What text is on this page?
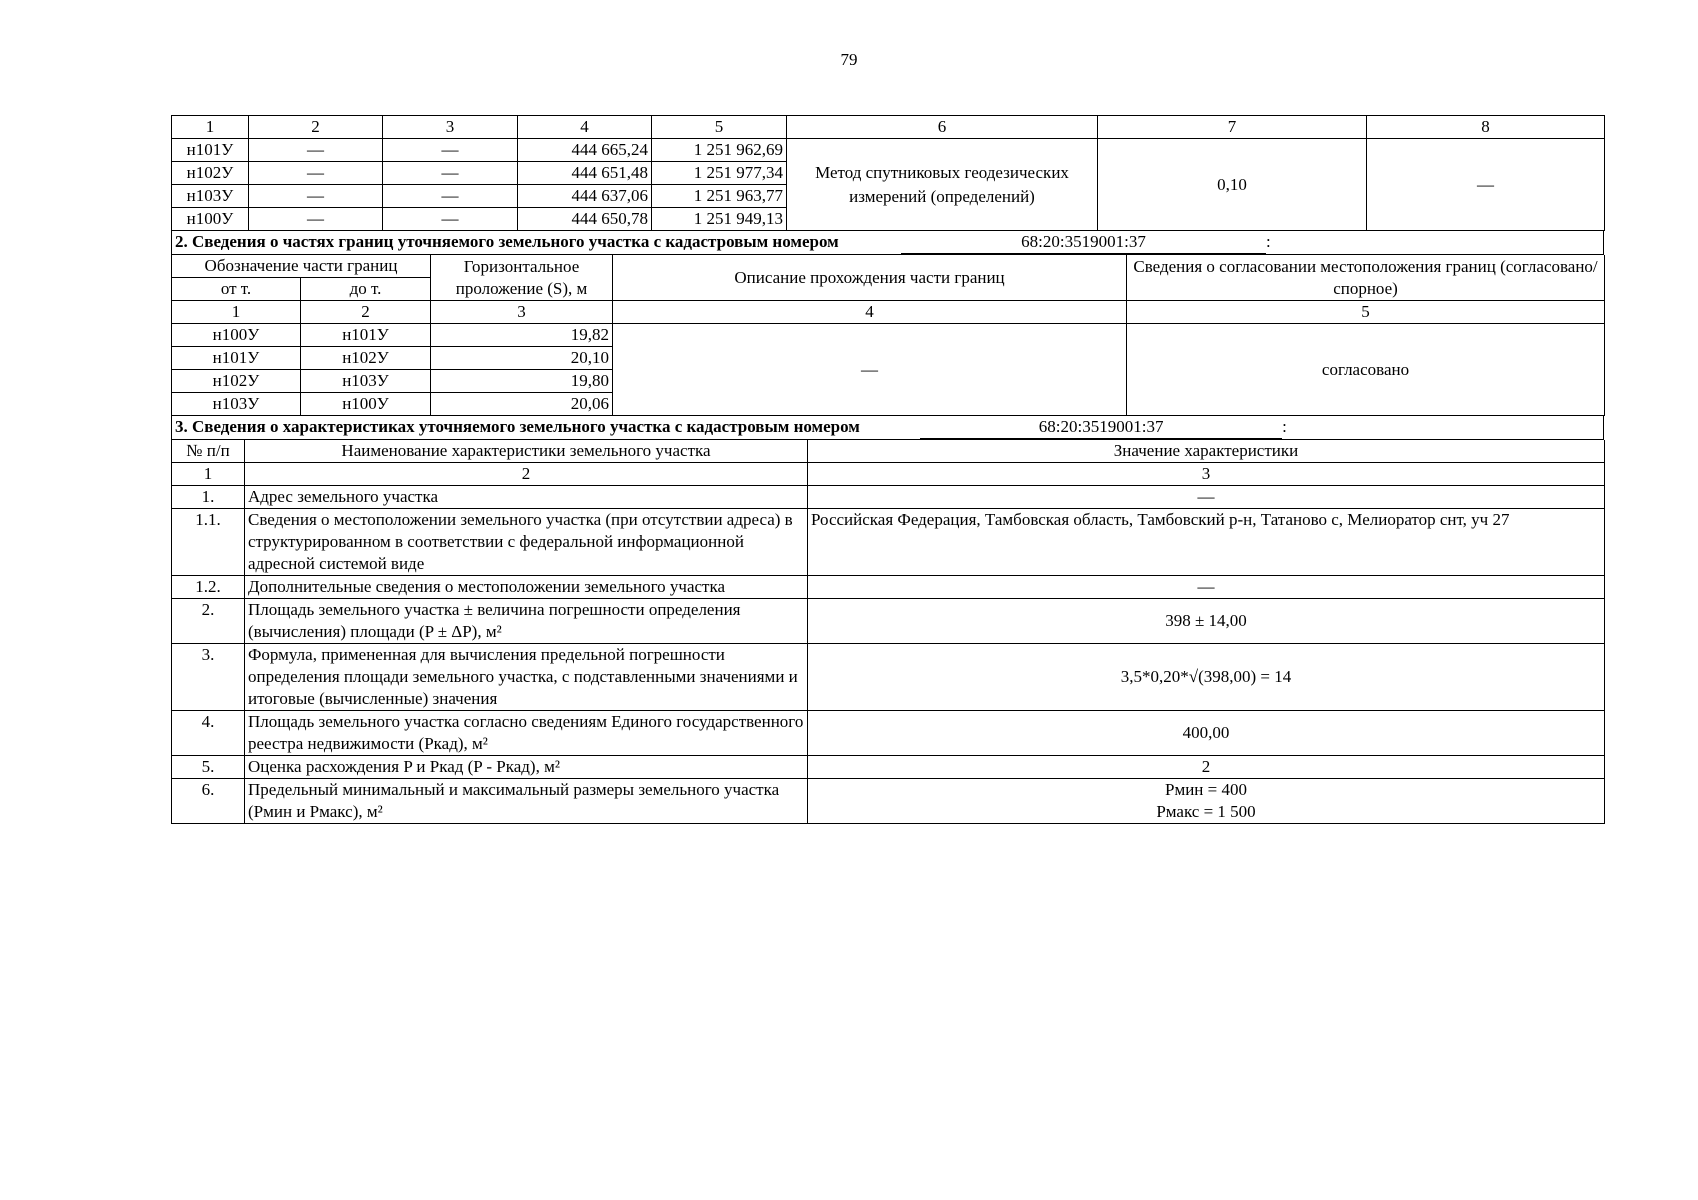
79
1	2	3	4	5	6	7	8
н101У	—	—	444 665,24	1 251 962,69	Метод спутниковых геодезических измерений (определений)	0,10	—
н102У	—	—	444 651,48	1 251 977,34			
н103У	—	—	444 637,06	1 251 963,77			
н100У	—	—	444 650,78	1 251 949,13			
2. Сведения о частях границ уточняемого земельного участка с кадастровым номером	68:20:3519001:37	:
Обозначение части границ		Горизонтальное проложение (S), м	Описание прохождения части границ	Сведения о согласовании местоположения границ (согласовано/спорное)
от т.	до т.			
1	2	3	4	5
н100У	н101У	19,82	—	согласовано
н101У	н102У	20,10		
н102У	н103У	19,80		
н103У	н100У	20,06		
3. Сведения о характеристиках уточняемого земельного участка с кадастровым номером	68:20:3519001:37	:
№ п/п	Наименование характеристики земельного участка	Значение характеристики
1	2	3
1.	Адрес земельного участка	—
1.1.	Сведения о местоположении земельного участка (при отсутствии адреса) в структурированном в соответствии с федеральной информационной адресной системой виде	Российская Федерация, Тамбовская область, Тамбовский р-н, Татаново с, Мелиоратор снт, уч 27
1.2.	Дополнительные сведения о местоположении земельного участка	—
2.	Площадь земельного участка ± величина погрешности определения (вычисления) площади (P ± ΔP), м²	398 ± 14,00
3.	Формула, примененная для вычисления предельной погрешности определения площади земельного участка, с подставленными значениями и итоговые (вычисленные) значения	3,5*0,20*√(398,00) = 14
4.	Площадь земельного участка согласно сведениям Единого государственного реестра недвижимости (Pкад), м²	400,00
5.	Оценка расхождения P и Pкад (P - Pкад), м²	2
6.	Предельный минимальный и максимальный размеры земельного участка (Pмин и Pмакс), м²	Pмин = 400
Pмакс = 1 500
